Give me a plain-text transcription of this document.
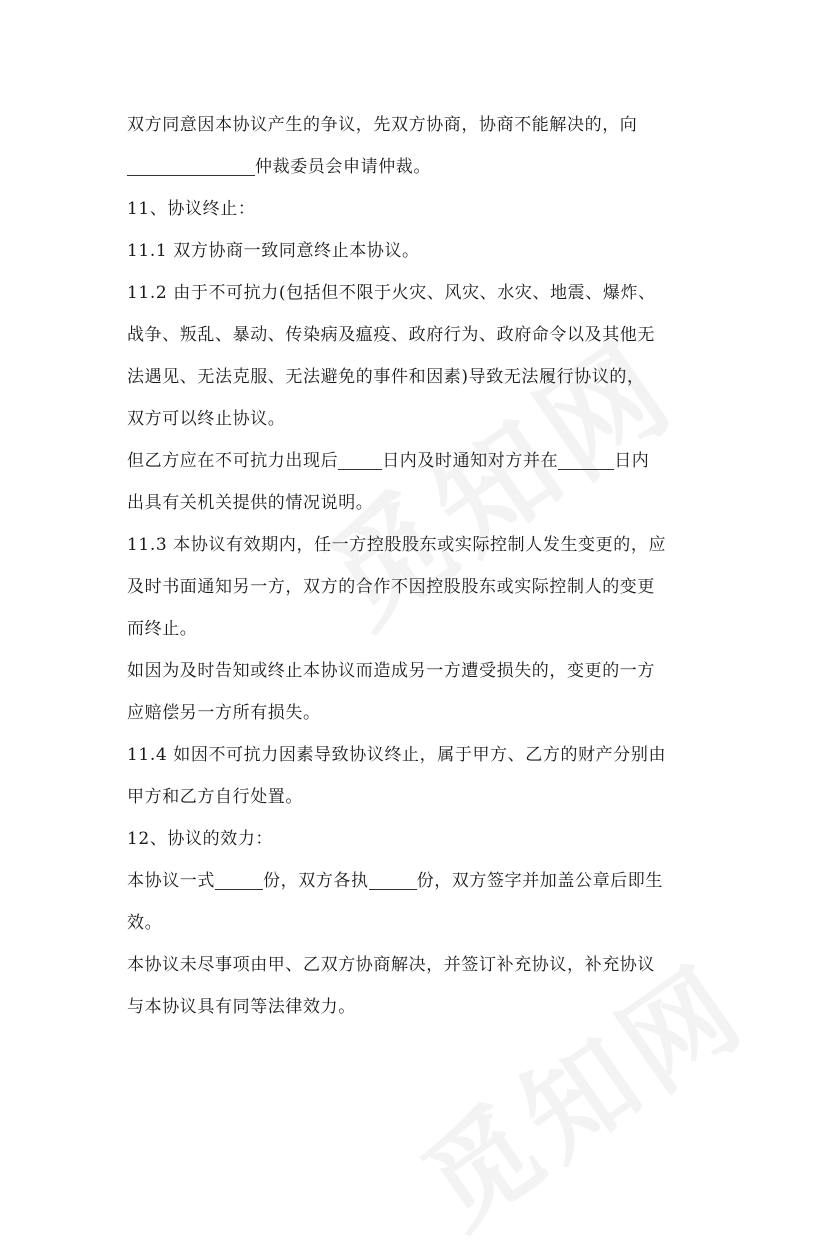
双方同意因本协议产生的争议，先双方协商，协商不能解决的，向
仲裁委员会申请仲裁。
11、协议终止：
11.1 双方协商一致同意终止本协议。
11.2 由于不可抗力(包括但不限于火灾、风灾、水灾、地震、爆炸、
战争、叛乱、暴动、传染病及瘟疫、政府行为、政府命令以及其他无
法遇见、无法克服、无法避免的事件和因素)导致无法履行协议的，
双方可以终止协议。
但乙方应在不可抗力出现后	日内及时通知对方并在	日内
出具有关机关提供的情况说明。
11.3 本协议有效期内，任一方控股股东或实际控制人发生变更的，应
及时书面通知另一方，双方的合作不因控股股东或实际控制人的变更
而终止。
如因为及时告知或终止本协议而造成另一方遭受损失的，变更的一方
应赔偿另一方所有损失。
11.4 如因不可抗力因素导致协议终止，属于甲方、乙方的财产分别由
甲方和乙方自行处置。
12、协议的效力：
本协议一式	份，双方各执	份，双方签字并加盖公章后即生
效。
本协议未尽事项由甲、乙双方协商解决，并签订补充协议，补充协议
与本协议具有同等法律效力。
